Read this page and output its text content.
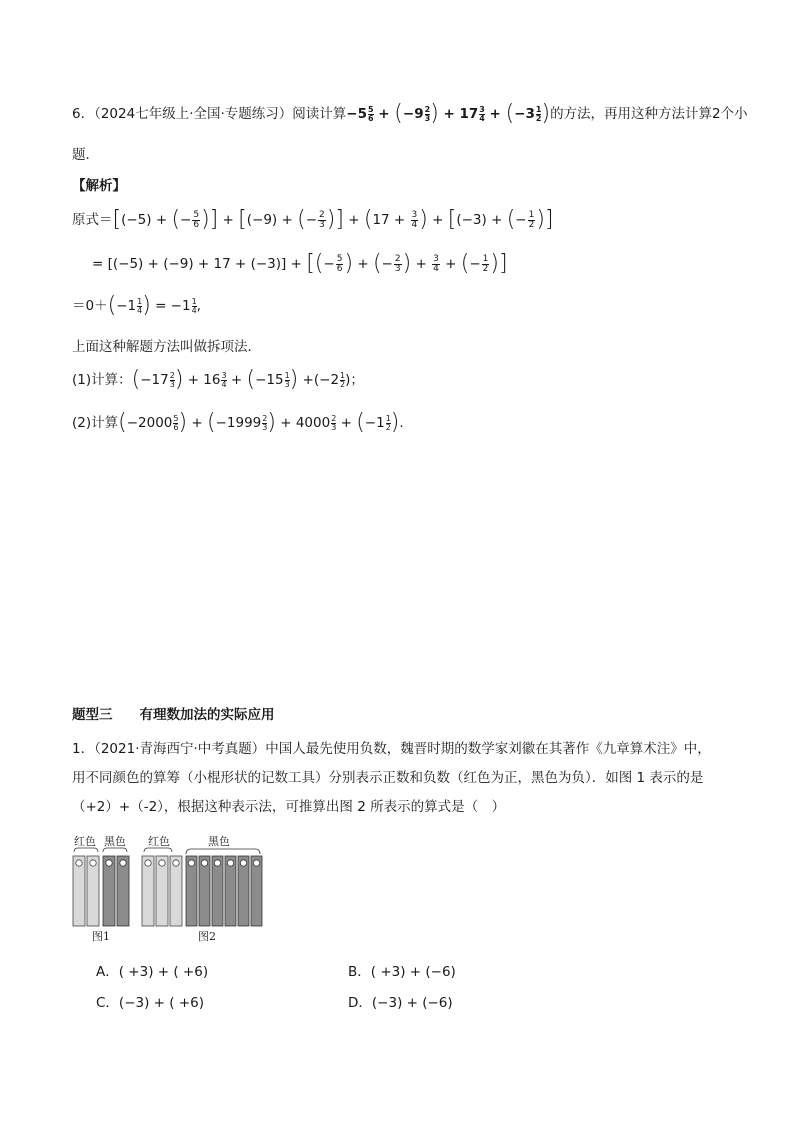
6．（2024七年级上·全国·专题练习）阅读计算$-5 \frac{5}{6} + (-9 \frac{2}{3}$ ) + $17 \frac{3}{4} + (-3 \frac{1}{2}$ )的方法，再用这种方法计算2个小
题．
【解析】
原式＝[(−5) + (− $\frac{5}{6}$ )] + [(−9) + (− $\frac{2}{3}$ )] + ($17 + \frac{3}{4}$ ) + [(−3) + (− $\frac{1}{2}$ )]
= [(−5) + (−9) + 17 + (−3)] + [(− $\frac{5}{6}$ ) + (− $\frac{2}{3}$ ) + $\frac{3}{4}$ + (− $\frac{1}{2}$ )]
$=0+(-1 \frac{1}{4}$ ) = $-1 \frac{1}{4}$ ,
上面这种解题方法叫做拆项法．
(1)计算：($-17 \frac{2}{3}$ ) + $16 \frac{3}{4} + (-15 \frac{1}{3}$ ) $+(-2 \frac{1}{2}$ )；
(2)计算($-2000 \frac{5}{6}$ ) + ($-1999 \frac{2}{3}$ ) + $4000 \frac{2}{3} + (-1 \frac{1}{2}$ ).
题型三　　有理数加法的实际应用
1．（2021·青海西宁·中考真题）中国人最先使用负数，魏晋时期的数学家刘徽在其著作《九章算术注》中，
用不同颜色的算筹（小棍形状的记数工具）分别表示正数和负数（红色为正，黑色为负）．如图 1 表示的是
（+2）+（-2），根据这种表示法，可推算出图 2 所表示的算式是（　）
红色 黑色 红色	黑色
图1	图2
A．( +3) + ( +6)	B．( +3) + (−6)
C．(−3) + ( +6)	D．(−3) + (−6)
